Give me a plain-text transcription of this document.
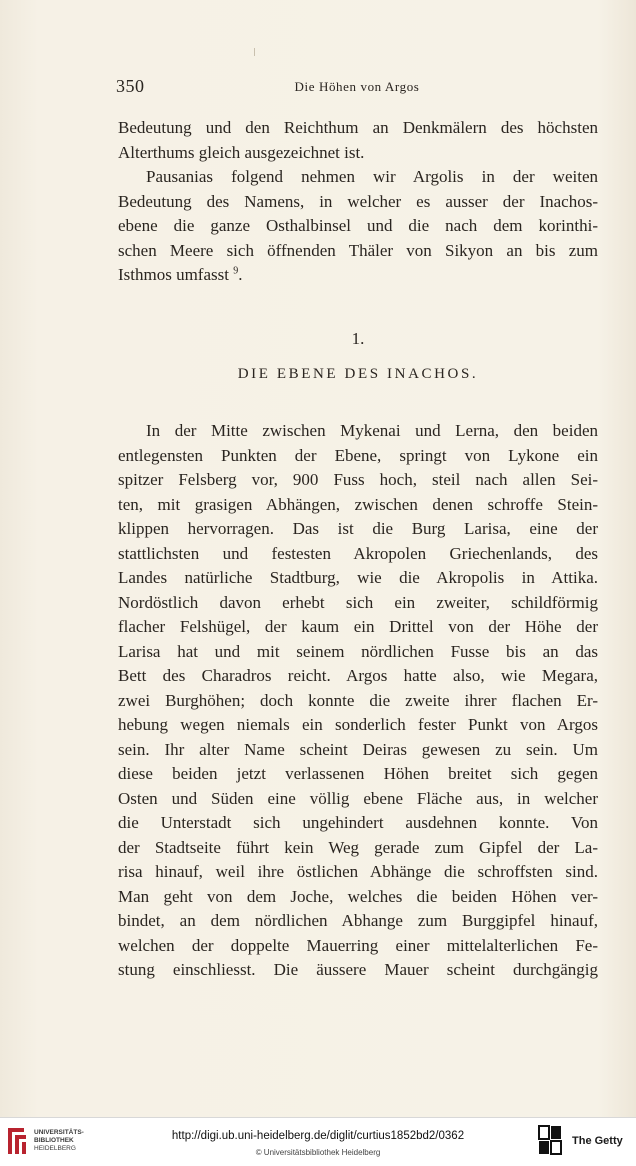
350	Die Höhen von Argos

Bedeutung und den Reichthum an Denkmälern des höchsten
Alterthums gleich ausgezeichnet ist.

Pausanias folgend nehmen wir Argolis in der weiten
Bedeutung des Namens, in welcher es ausser der Inachos-
ebene die ganze Osthalbinsel und die nach dem korinthi-
schen Meere sich öffnenden Thäler von Sikyon an bis zum
Isthmos umfasst $^9$.

1.
DIE EBENE DES INACHOS.

In der Mitte zwischen Mykenai und Lerna, den beiden
entlegensten Punkten der Ebene, springt von Lykone ein
spitzer Felsberg vor, 900 Fuss hoch, steil nach allen Sei-
ten, mit grasigen Abhängen, zwischen denen schroffe Stein-
klippen hervorragen. Das ist die Burg Larisa, eine der
stattlichsten und festesten Akropolen Griechenlands, des
Landes natürliche Stadtburg, wie die Akropolis in Attika.
Nordöstlich davon erhebt sich ein zweiter, schildförmig
flacher Felshügel, der kaum ein Drittel von der Höhe der
Larisa hat und mit seinem nördlichen Fusse bis an das
Bett des Charadros reicht. Argos hatte also, wie Megara,
zwei Burghöhen; doch konnte die zweite ihrer flachen Er-
hebung wegen niemals ein sonderlich fester Punkt von Argos
sein. Ihr alter Name scheint Deiras gewesen zu sein. Um
diese beiden jetzt verlassenen Höhen breitet sich gegen
Osten und Süden eine völlig ebene Fläche aus, in welcher
die Unterstadt sich ungehindert ausdehnen konnte. Von
der Stadtseite führt kein Weg gerade zum Gipfel der La-
risa hinauf, weil ihre östlichen Abhänge die schroffsten sind.
Man geht von dem Joche, welches die beiden Höhen ver-
bindet, an dem nördlichen Abhange zum Burggipfel hinauf,
welchen der doppelte Mauerring einer mittelalterlichen Fe-
stung einschliesst. Die äussere Mauer scheint durchgängig

UNIVERSITÄTS-
BIBLIOTHEK
HEIDELBERG
http://digi.ub.uni-heidelberg.de/diglit/curtius1852bd2/0362
© Universitätsbibliothek Heidelberg
The Getty
